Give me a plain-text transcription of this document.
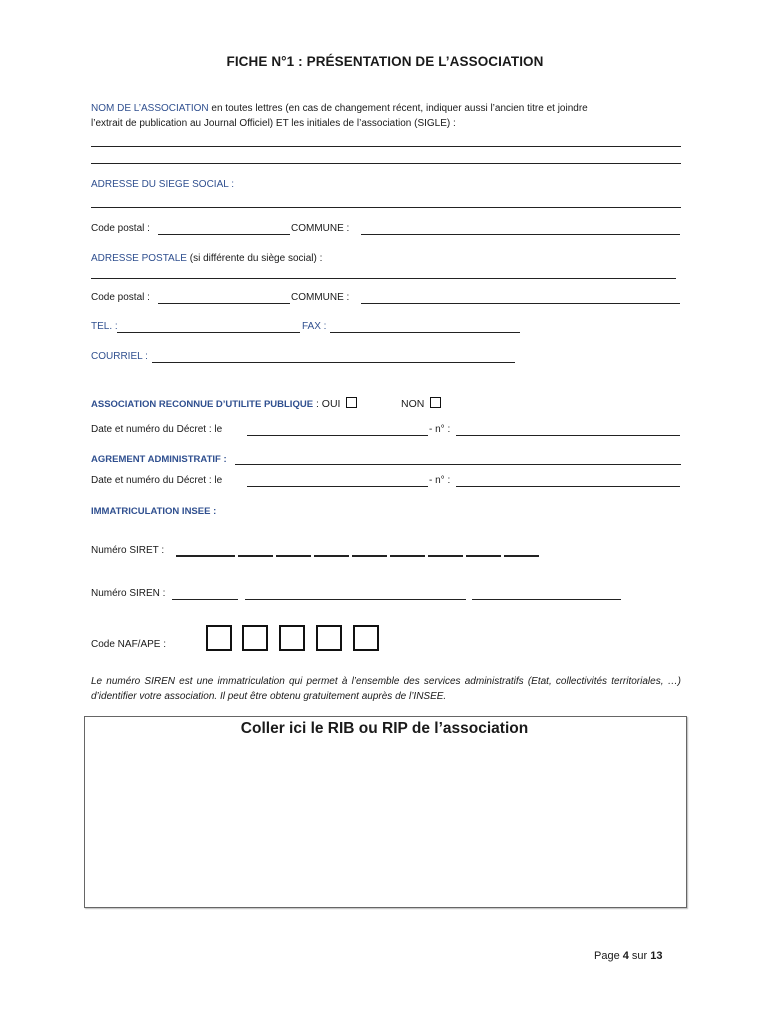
FICHE N°1 : PRÉSENTATION DE L’ASSOCIATION
NOM DE L’ASSOCIATION en toutes lettres (en cas de changement récent, indiquer aussi l’ancien titre et joindre
l’extrait de publication au Journal Officiel) ET les initiales de l’association (SIGLE) :
ADRESSE DU SIEGE SOCIAL :
Code postal :	COMMUNE :
ADRESSE POSTALE (si différente du siège social) :
Code postal :	COMMUNE :
TEL. :	FAX :
COURRIEL :
ASSOCIATION RECONNUE D’UTILITE PUBLIQUE : OUI	NON
Date et numéro du Décret : le	- n° :
AGREMENT ADMINISTRATIF :
Date et numéro du Décret : le	- n° :
IMMATRICULATION INSEE :
Numéro SIRET :
Numéro SIREN :
Code NAF/APE :
Le numéro SIREN est une immatriculation qui permet à l’ensemble des services administratifs (Etat, collectivités territoriales, …) d’identifier votre association. Il peut être obtenu gratuitement auprès de l’INSEE.
Coller ici le RIB ou RIP de l’association
Page 4 sur 13
